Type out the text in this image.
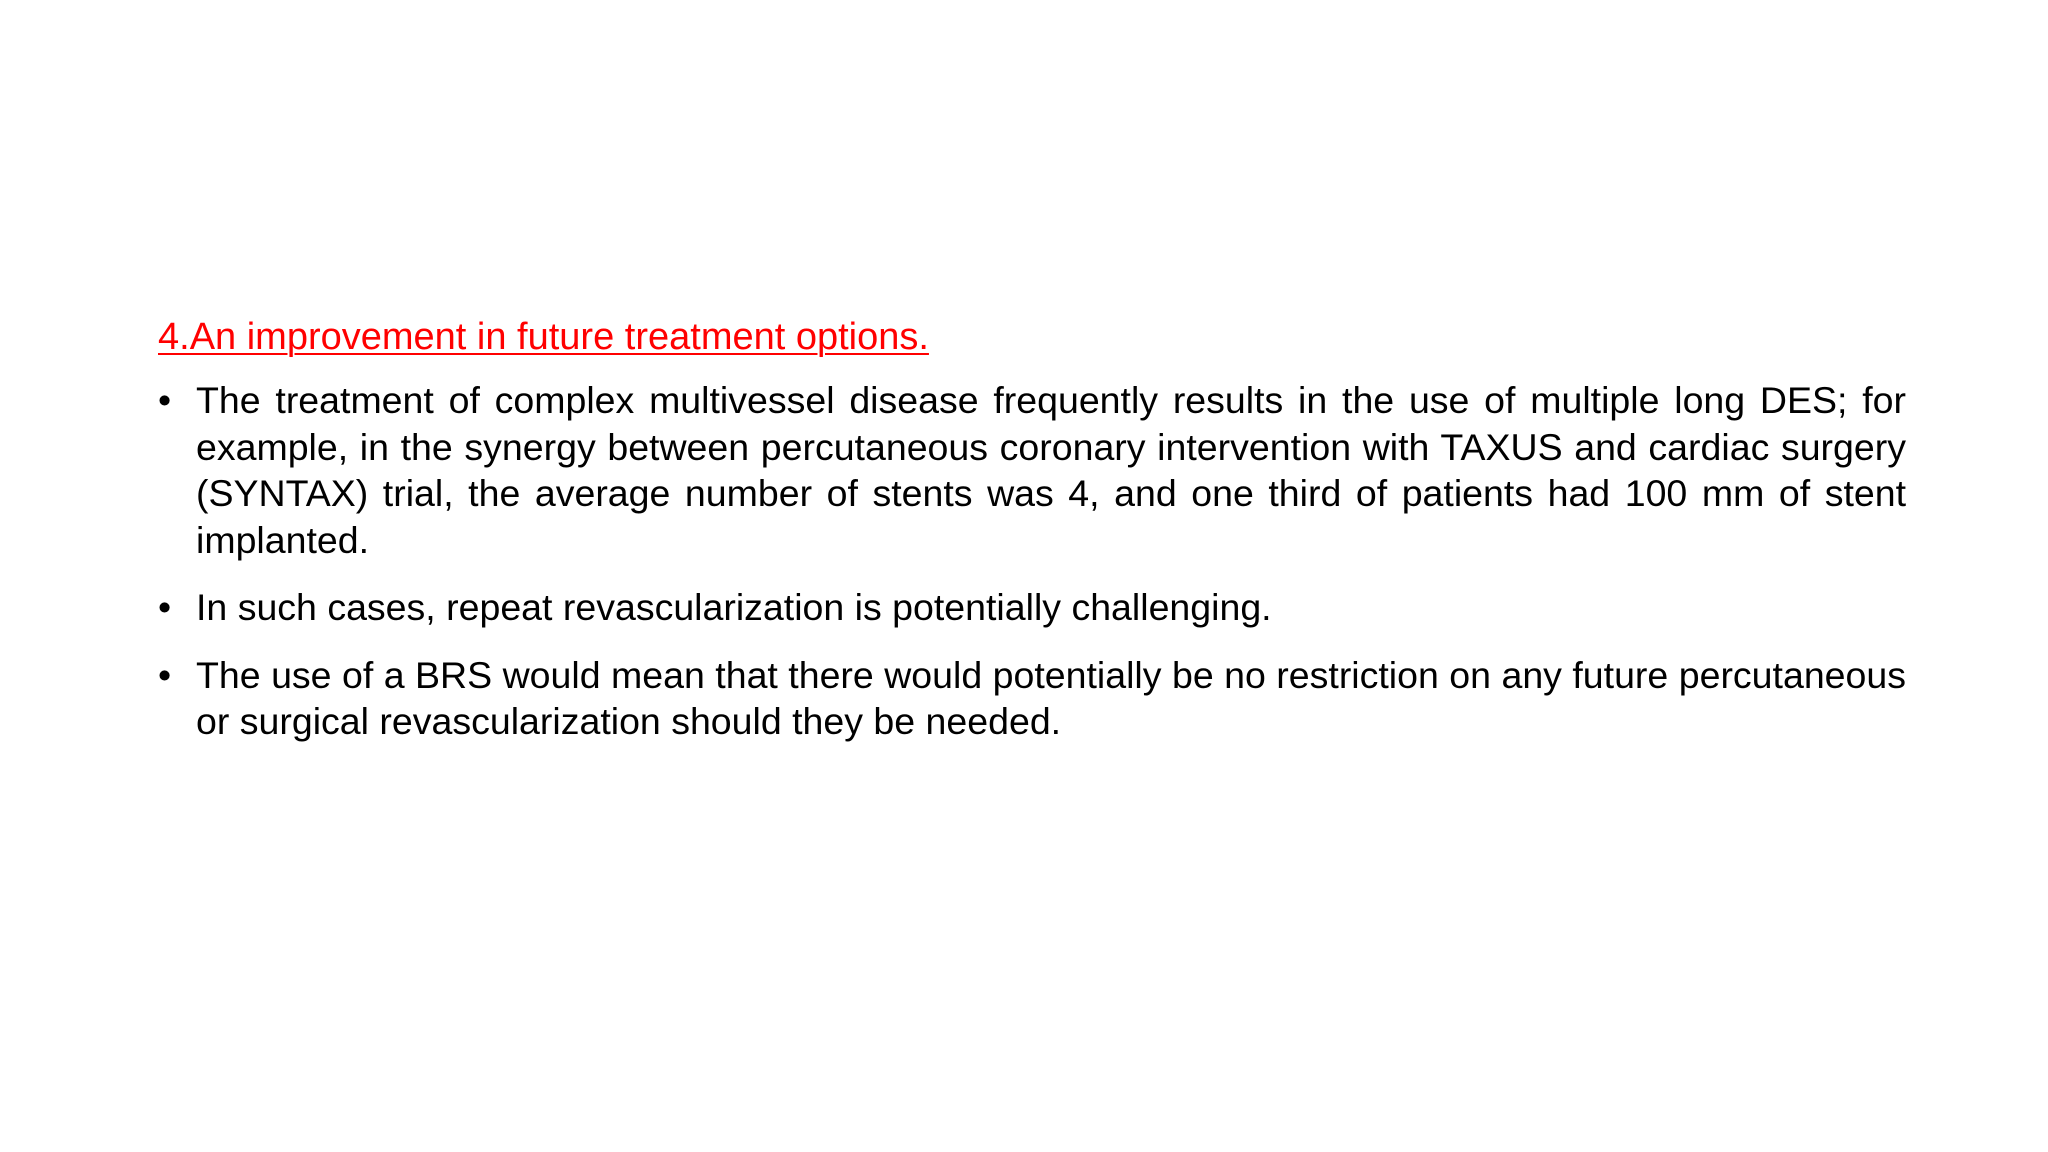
4.An improvement in future treatment options.
• The treatment of complex multivessel disease frequently results in the use of multiple long DES; for example, in the synergy between percutaneous coronary intervention with TAXUS and cardiac surgery (SYNTAX) trial, the average number of stents was 4, and one third of patients had 100 mm of stent implanted.
• In such cases, repeat revascularization is potentially challenging.
• The use of a BRS would mean that there would potentially be no restriction on any future percutaneous or surgical revascularization should they be needed.
